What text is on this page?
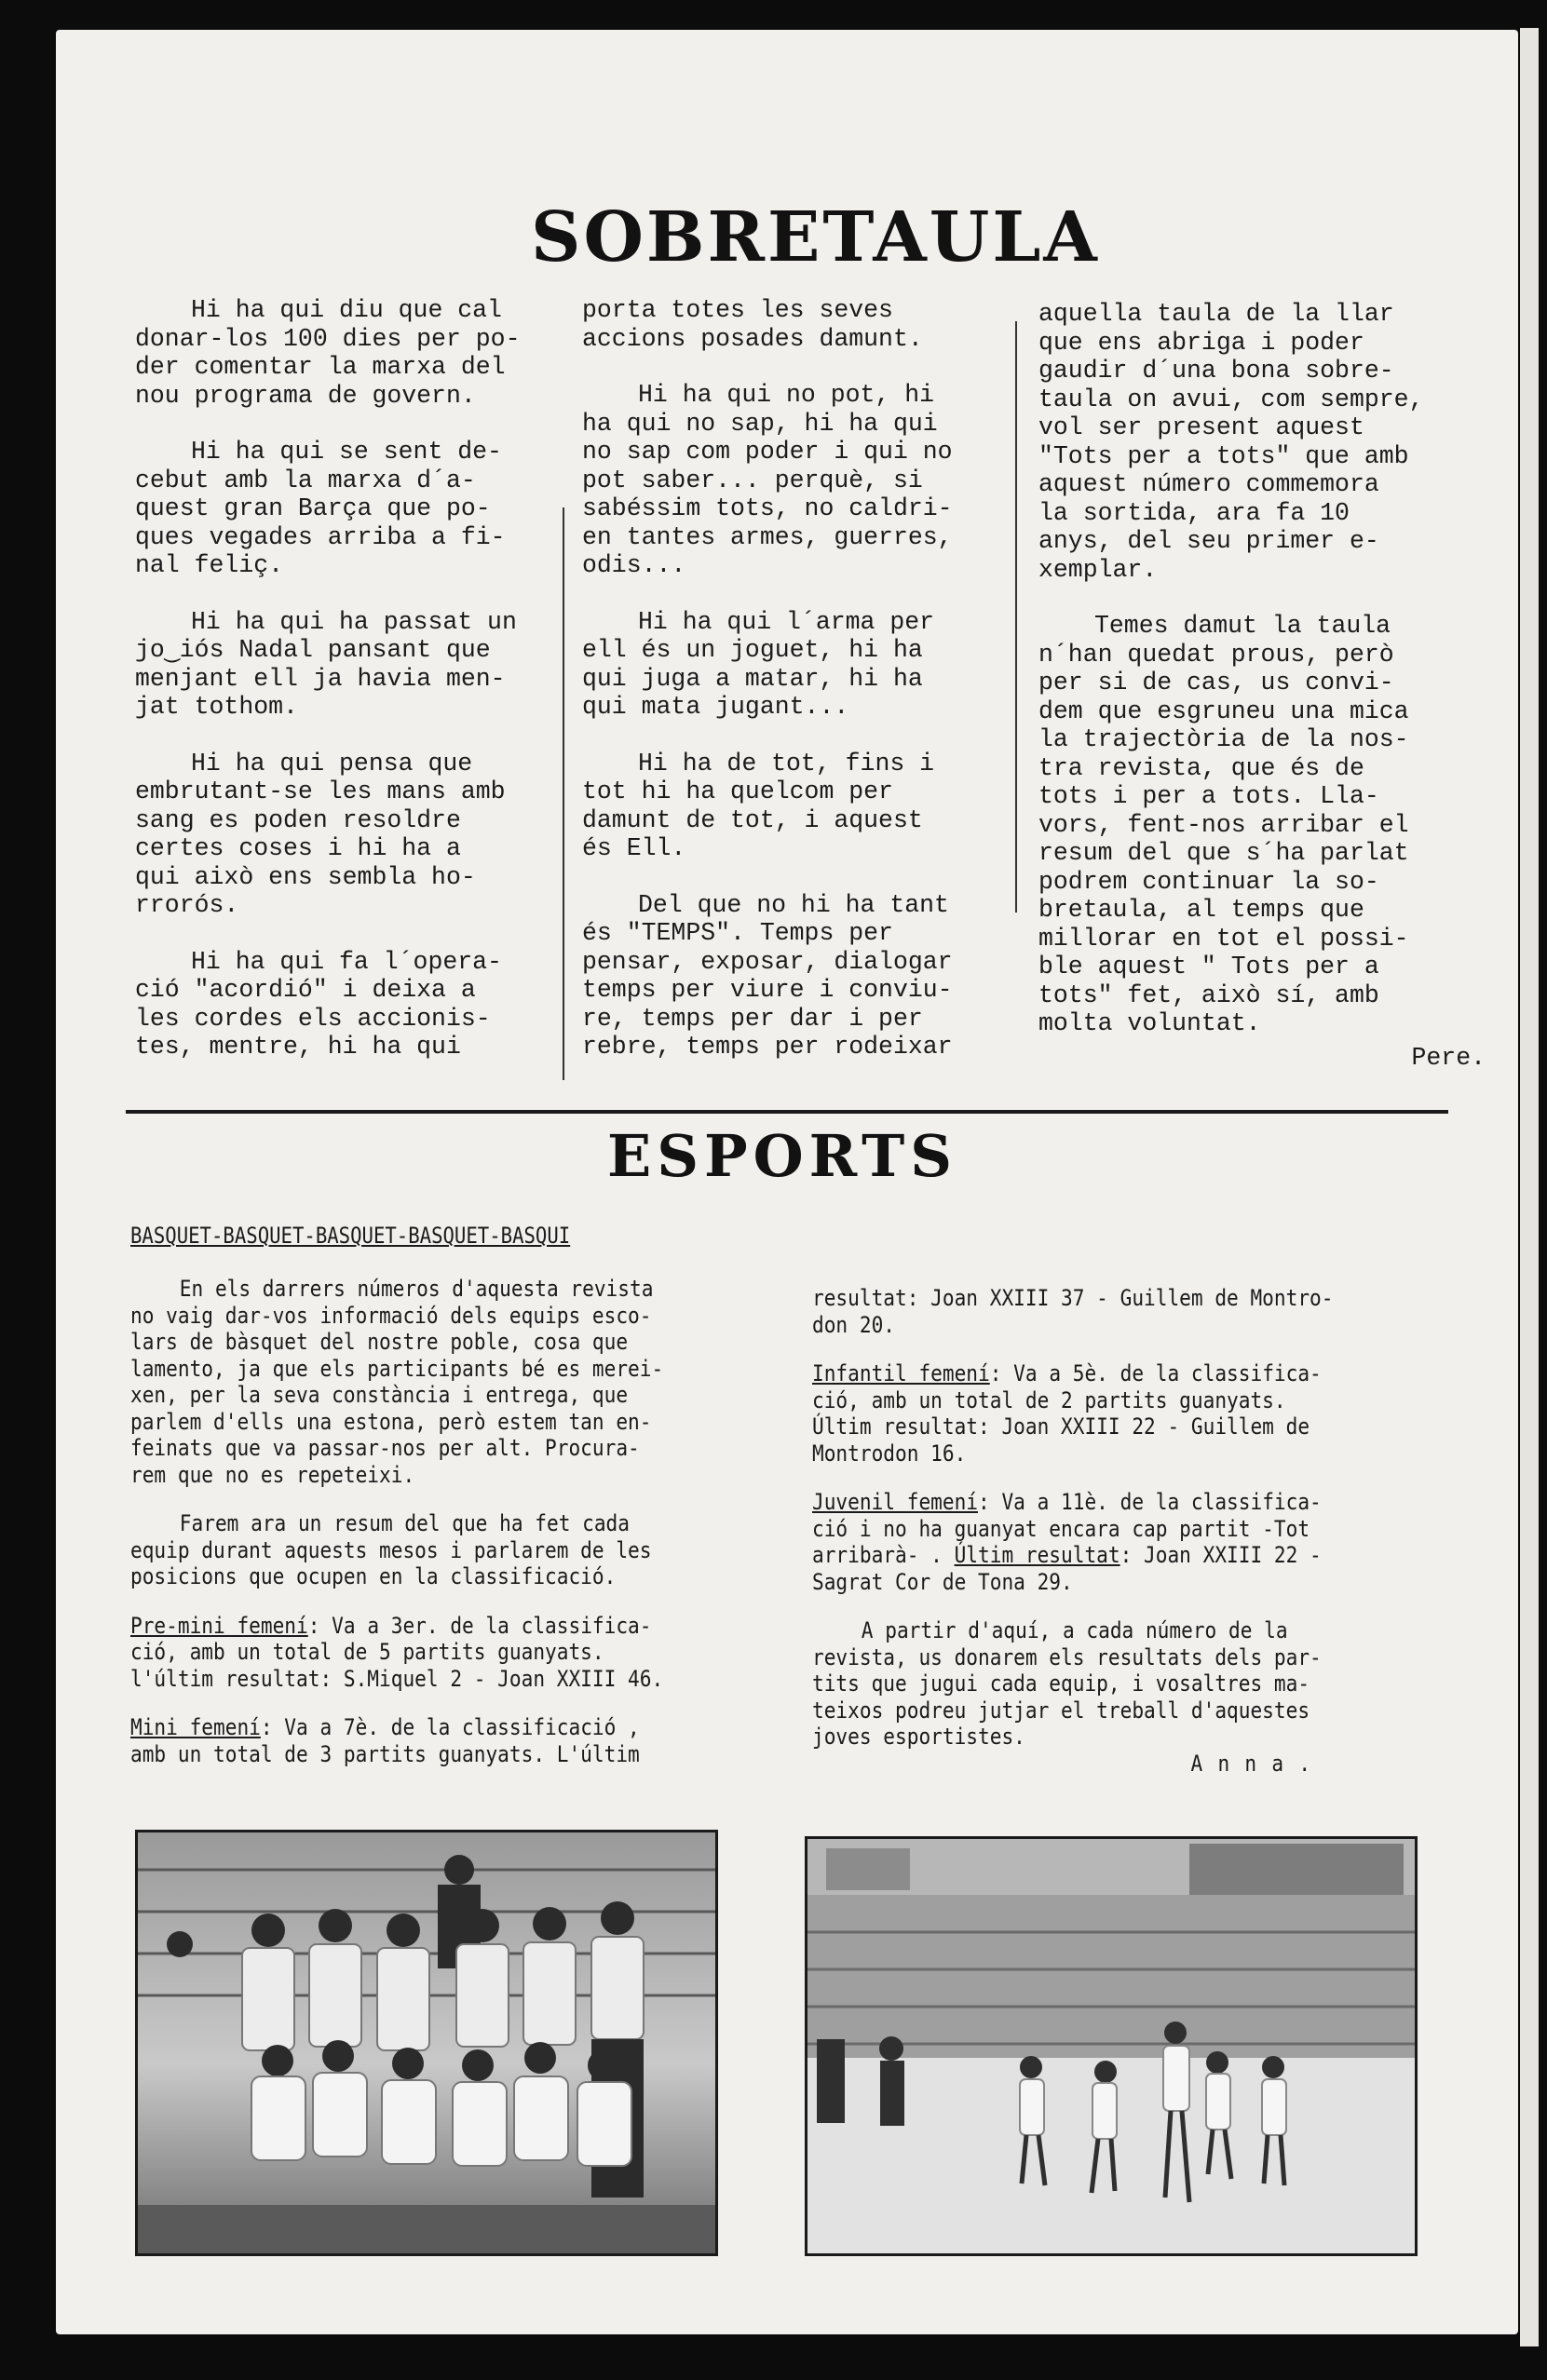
SOBRETAULA

Hi ha qui diu que cal
donar-los 100 dies per po-
der comentar la marxa del
nou programa de govern.

Hi ha qui se sent de-
cebut amb la marxa d´a-
quest gran Barça que po-
ques vegades arriba a fi-
nal feliç.

Hi ha qui ha passat un
jo‿iós Nadal pansant que
menjant ell ja havia men-
jat tothom.

Hi ha qui pensa que
embrutant-se les mans amb
sang es poden resoldre
certes coses i hi ha a
qui això ens sembla ho-
rrorós.

Hi ha qui fa l´opera-
ció "acordió" i deixa a
les cordes els accionis-
tes, mentre, hi ha qui

porta totes les seves
accions posades damunt.

Hi ha qui no pot, hi
ha qui no sap, hi ha qui
no sap com poder i qui no
pot saber... perquè, si
sabéssim tots, no caldri-
en tantes armes, guerres,
odis...

Hi ha qui l´arma per
ell és un joguet, hi ha
qui juga a matar, hi ha
qui mata jugant...

Hi ha de tot, fins i
tot hi ha quelcom per
damunt de tot, i aquest
és Ell.

Del que no hi ha tant
és "TEMPS". Temps per
pensar, exposar, dialogar
temps per viure i conviu-
re, temps per dar i per
rebre, temps per rodeixar

aquella taula de la llar
que ens abriga i poder
gaudir d´una bona sobre-
taula on avui, com sempre,
vol ser present aquest
"Tots per a tots" que amb
aquest número commemora
la sortida, ara fa 10
anys, del seu primer e-
xemplar.

Temes damut la taula
n´han quedat prous, però
per si de cas, us convi-
dem que esgruneu una mica
la trajectòria de la nos-
tra revista, que és de
tots i per a tots. Lla-
vors, fent-nos arribar el
resum del que s´ha parlat
podrem continuar la so-
bretaula, al temps que
millorar en tot el possi-
ble aquest " Tots per a
tots" fet, això sí, amb
molta voluntat.

Pere.

ESPORTS
BASQUET-BASQUET-BASQUET-BASQUET-BASQUI

En els darrers números d'aquesta revista
no vaig dar-vos informació dels equips esco-
lars de bàsquet del nostre poble, cosa que
lamento, ja que els participants bé es merei-
xen, per la seva constància i entrega, que
parlem d'ells una estona, però estem tan en-
feinats que va passar-nos per alt. Procura-
rem que no es repeteixi.

Farem ara un resum del que ha fet cada
equip durant aquests mesos i parlarem de les
posicions que ocupen en la classificació.

Pre-mini femení: Va a 3er. de la classifica-
ció, amb un total de 5 partits guanyats.
l'últim resultat: S.Miquel 2 - Joan XXIII 46.

Mini femení: Va a 7è. de la classificació ,
amb un total de 3 partits guanyats. L'últim

resultat: Joan XXIII 37 - Guillem de Montro-
don 20.

Infantil femení: Va a 5è. de la classifica-
ció, amb un total de 2 partits guanyats.
Últim resultat: Joan XXIII 22 - Guillem de
Montrodon 16.

Juvenil femení: Va a 11è. de la classifica-
ció i no ha guanyat encara cap partit -Tot
arribarà- . Últim resultat: Joan XXIII 22 -
Sagrat Cor de Tona 29.

A partir d'aquí, a cada número de la
revista, us donarem els resultats dels par-
tits que jugui cada equip, i vosaltres ma-
teixos podreu jutjar el treball d'aquestes
joves esportistes.

A n n a .
